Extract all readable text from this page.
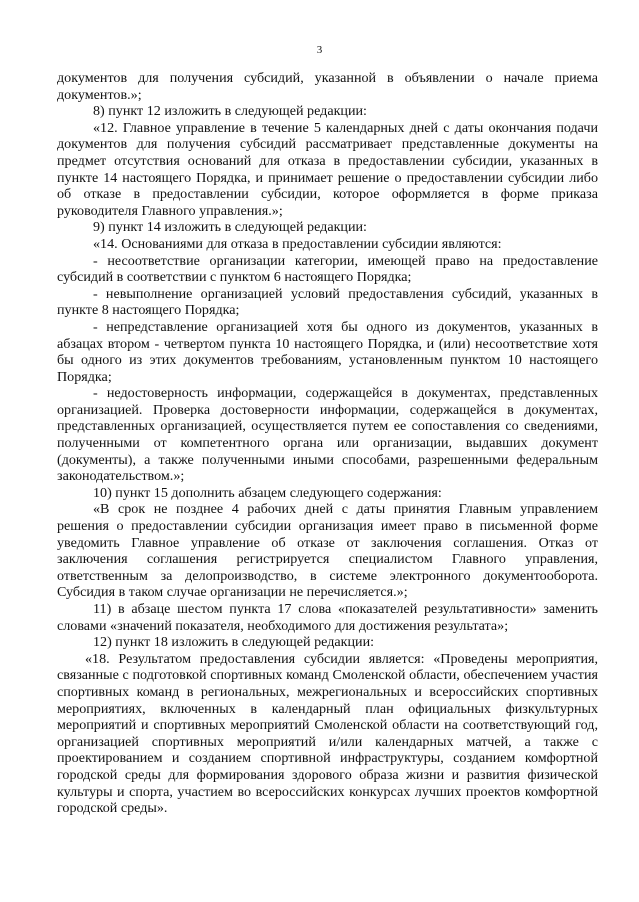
3

документов для получения субсидий, указанной в объявлении о начале приема документов.»;

8) пункт 12 изложить в следующей редакции:

«12. Главное управление в течение 5 календарных дней с даты окончания подачи документов для получения субсидий рассматривает представленные документы на предмет отсутствия оснований для отказа в предоставлении субсидии, указанных в пункте 14 настоящего Порядка, и принимает решение о предоставлении субсидии либо об отказе в предоставлении субсидии, которое оформляется в форме приказа руководителя Главного управления.»;

9) пункт 14 изложить в следующей редакции:

«14. Основаниями для отказа в предоставлении субсидии являются:

- несоответствие организации категории, имеющей право на предоставление субсидий в соответствии с пунктом 6 настоящего Порядка;

- невыполнение организацией условий предоставления субсидий, указанных в пункте 8 настоящего Порядка;

- непредставление организацией хотя бы одного из документов, указанных в абзацах втором - четвертом пункта 10 настоящего Порядка, и (или) несоответствие хотя бы одного из этих документов требованиям, установленным пунктом 10 настоящего Порядка;

- недостоверность информации, содержащейся в документах, представленных организацией. Проверка достоверности информации, содержащейся в документах, представленных организацией, осуществляется путем ее сопоставления со сведениями, полученными от компетентного органа или организации, выдавших документ (документы), а также полученными иными способами, разрешенными федеральным законодательством.»;

10) пункт 15 дополнить абзацем следующего содержания:

«В срок не позднее 4 рабочих дней с даты принятия Главным управлением решения о предоставлении субсидии организация имеет право в письменной форме уведомить Главное управление об отказе от заключения соглашения. Отказ от заключения соглашения регистрируется специалистом Главного управления, ответственным за делопроизводство, в системе электронного документооборота. Субсидия в таком случае организации не перечисляется.»;

11) в абзаце шестом пункта 17 слова «показателей результативности» заменить словами «значений показателя, необходимого для достижения результата»;

12) пункт 18 изложить в следующей редакции:

«18. Результатом предоставления субсидии является: «Проведены мероприятия, связанные с подготовкой спортивных команд Смоленской области, обеспечением участия спортивных команд в региональных, межрегиональных и всероссийских спортивных мероприятиях, включенных в календарный план официальных физкультурных мероприятий и спортивных мероприятий Смоленской области на соответствующий год, организацией спортивных мероприятий и/или календарных матчей, а также с проектированием и созданием спортивной инфраструктуры, созданием комфортной городской среды для формирования здорового образа жизни и развития физической культуры и спорта, участием во всероссийских конкурсах лучших проектов комфортной городской среды».
